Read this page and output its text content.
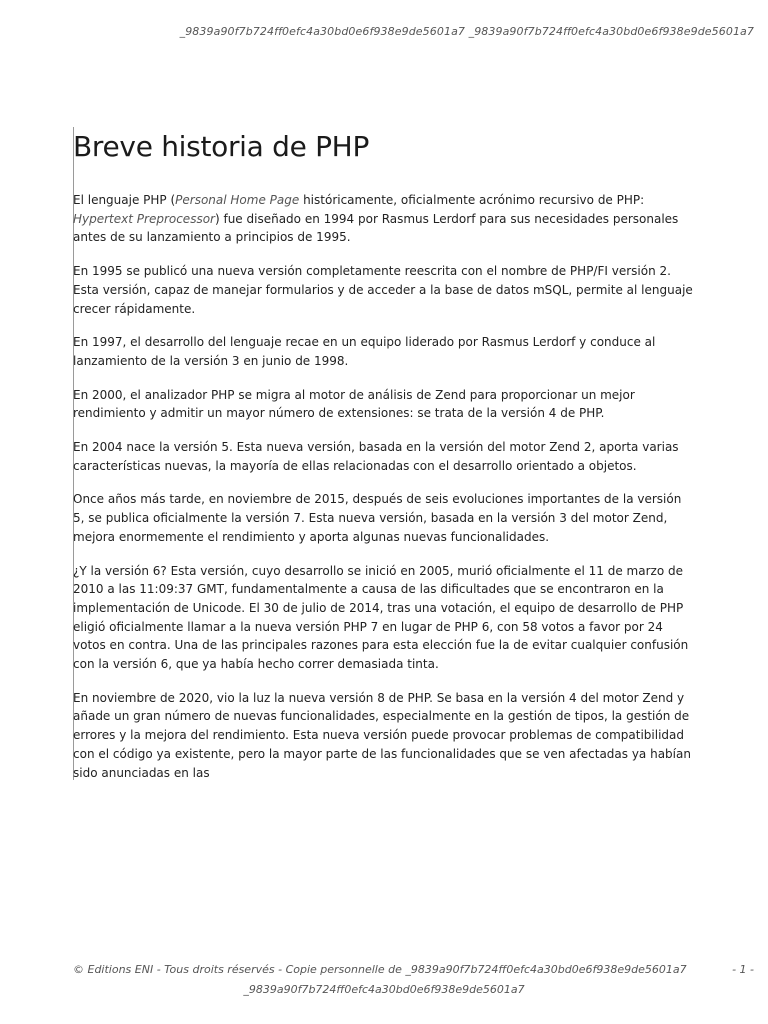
_9839a90f7b724ff0efc4a30bd0e6f938e9de5601a7 _9839a90f7b724ff0efc4a30bd0e6f938e9de5601a7
Breve historia de PHP

El lenguaje PHP (Personal Home Page históricamente, oficialmente acrónimo recursivo de PHP: Hypertext Preprocessor) fue diseñado en 1994 por Rasmus Lerdorf para sus necesidades personales antes de su lanzamiento a principios de 1995.

En 1995 se publicó una nueva versión completamente reescrita con el nombre de PHP/FI versión 2. Esta versión, capaz de manejar formularios y de acceder a la base de datos mSQL, permite al lenguaje crecer rápidamente.

En 1997, el desarrollo del lenguaje recae en un equipo liderado por Rasmus Lerdorf y conduce al lanzamiento de la versión 3 en junio de 1998.

En 2000, el analizador PHP se migra al motor de análisis de Zend para proporcionar un mejor rendimiento y admitir un mayor número de extensiones: se trata de la versión 4 de PHP.

En 2004 nace la versión 5. Esta nueva versión, basada en la versión del motor Zend 2, aporta varias características nuevas, la mayoría de ellas relacionadas con el desarrollo orientado a objetos.

Once años más tarde, en noviembre de 2015, después de seis evoluciones importantes de la versión 5, se publica oficialmente la versión 7. Esta nueva versión, basada en la versión 3 del motor Zend, mejora enormemente el rendimiento y aporta algunas nuevas funcionalidades.

¿Y la versión 6? Esta versión, cuyo desarrollo se inició en 2005, murió oficialmente el 11 de marzo de 2010 a las 11:09:37 GMT, fundamentalmente a causa de las dificultades que se encontraron en la implementación de Unicode. El 30 de julio de 2014, tras una votación, el equipo de desarrollo de PHP eligió oficialmente llamar a la nueva versión PHP 7 en lugar de PHP 6, con 58 votos a favor por 24 votos en contra. Una de las principales razones para esta elección fue la de evitar cualquier confusión con la versión 6, que ya había hecho correr demasiada tinta.

En noviembre de 2020, vio la luz la nueva versión 8 de PHP. Se basa en la versión 4 del motor Zend y añade un gran número de nuevas funcionalidades, especialmente en la gestión de tipos, la gestión de errores y la mejora del rendimiento. Esta nueva versión puede provocar problemas de compatibilidad con el código ya existente, pero la mayor parte de las funcionalidades que se ven afectadas ya habían sido anunciadas en las

© Editions ENI - Tous droits réservés - Copie personnelle de _9839a90f7b724ff0efc4a30bd0e6f938e9de5601a7	- 1 -
_9839a90f7b724ff0efc4a30bd0e6f938e9de5601a7
